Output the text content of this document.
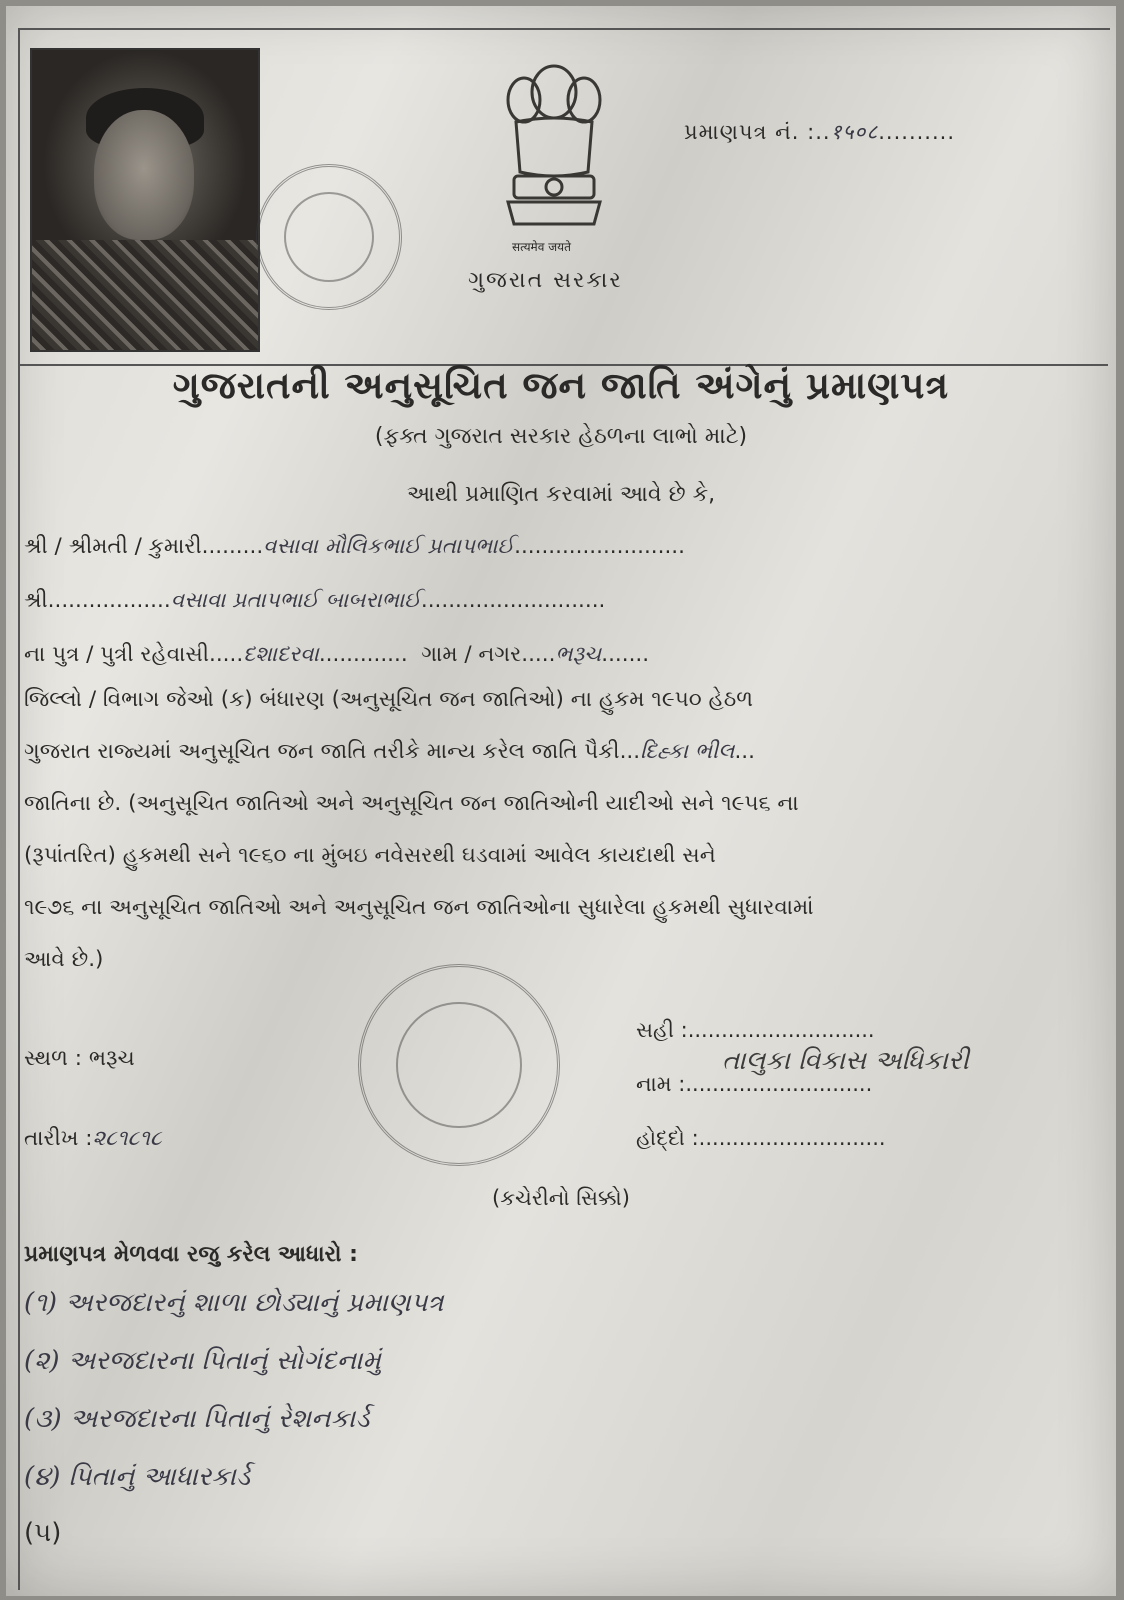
सत्यमेव जयते
ગુજરાત સરકાર
પ્રમાણપત્ર નં. :..१५०८..........
ગુજરાતની અનુસૂચિત જન જાતિ અંગેનું પ્રમાણપત્ર
(ફક્ત ગુજરાત સરકાર હેઠળના લાભો માટે)
આથી પ્રમાણિત કરવામાં આવે છે કે,
શ્રી / શ્રીમતી / કુમારી.........વસાવા મૌલિકભાઈ પ્રતાપભાઈ.........................
શ્રી..................વસાવા પ્રતાપભાઈ બાબરાભાઈ...........................
ના પુત્ર / પુત્રી રહેવાસી.....દશાદરવા.............  ગામ / નગર.....ભરૂચ.......
જિલ્લો / વિભાગ જેઓ (ક) બંધારણ (અનુસૂચિત જન જાતિઓ) ના હુકમ ૧૯૫૦ હેઠળ
ગુજરાત રાજ્યમાં અનુસૂચિત જન જાતિ તરીકે માન્ય કરેલ જાતિ પૈકી...દિહ્કા ભીલ...
જાતિના છે. (અનુસૂચિત જાતિઓ અને અનુસૂચિત જન જાતિઓની યાદીઓ સને ૧૯૫૬ ના
(રૂપાંતરિત) હુકમથી સને ૧૯૬૦ ના મુંબઇ નવેસરથી ઘડવામાં આવેલ કાયદાથી સને
૧૯૭૬ ના અનુસૂચિત જાતિઓ અને અનુસૂચિત જન જાતિઓના સુધારેલા હુકમથી સુધારવામાં
આવે છે.)
સ્થળ : ભરૂચ
તારીખ :૨૮૧૮૧૮
સહી :............................
તાલુકા વિકાસ અધિકારી
નામ :............................
હોદ્દો :............................
(કચેરીનો સિક્કો)
પ્રમાણપત્ર મેળવવા રજુ કરેલ આધારો :
(૧) અરજદારનું શાળા છોડ્યાનું પ્રમાણપત્ર
(૨) અરજદારના પિતાનું સોગંદનામું
(૩) અરજદારના પિતાનું રેશનકાર્ડ
(૪) પિતાનું આધારકાર્ડ
(૫)
